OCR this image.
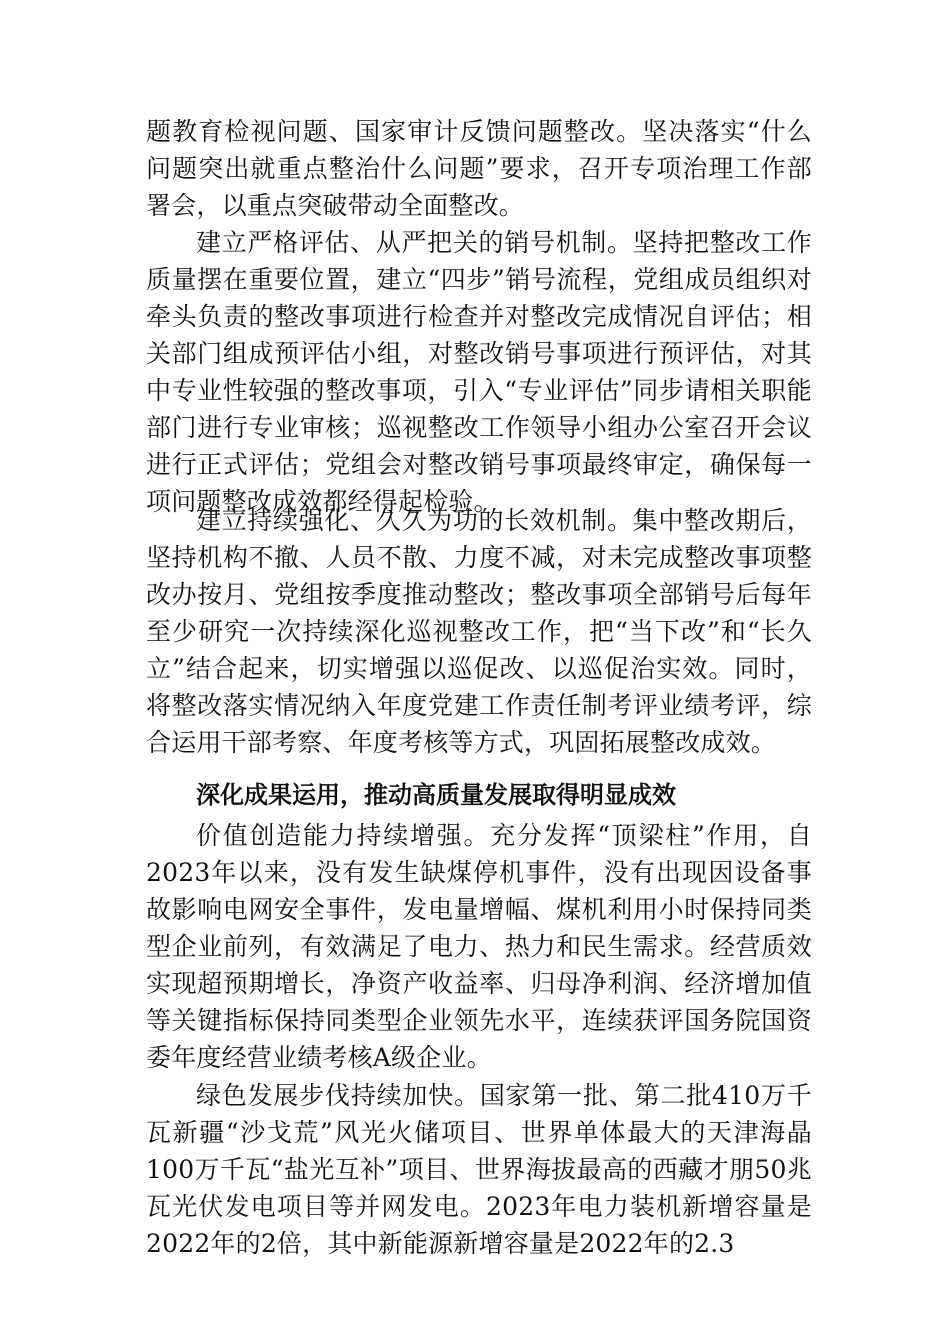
题教育检视问题、国家审计反馈问题整改。坚决落实“什么问题突出就重点整治什么问题”要求，召开专项治理工作部署会，以重点突破带动全面整改。

建立严格评估、从严把关的销号机制。坚持把整改工作质量摆在重要位置，建立“四步”销号流程，党组成员组织对牵头负责的整改事项进行检查并对整改完成情况自评估；相关部门组成预评估小组，对整改销号事项进行预评估，对其中专业性较强的整改事项，引入“专业评估”同步请相关职能部门进行专业审核；巡视整改工作领导小组办公室召开会议进行正式评估；党组会对整改销号事项最终审定，确保每一项问题整改成效都经得起检验。

建立持续强化、久久为功的长效机制。集中整改期后，坚持机构不撤、人员不散、力度不减，对未完成整改事项整改办按月、党组按季度推动整改；整改事项全部销号后每年至少研究一次持续深化巡视整改工作，把“当下改”和“长久立”结合起来，切实增强以巡促改、以巡促治实效。同时，将整改落实情况纳入年度党建工作责任制考评业绩考评，综合运用干部考察、年度考核等方式，巩固拓展整改成效。

深化成果运用，推动高质量发展取得明显成效

价值创造能力持续增强。充分发挥“顶梁柱”作用，自2023年以来，没有发生缺煤停机事件，没有出现因设备事故影响电网安全事件，发电量增幅、煤机利用小时保持同类型企业前列，有效满足了电力、热力和民生需求。经营质效实现超预期增长，净资产收益率、归母净利润、经济增加值等关键指标保持同类型企业领先水平，连续获评国务院国资委年度经营业绩考核A级企业。

绿色发展步伐持续加快。国家第一批、第二批410万千瓦新疆“沙戈荒”风光火储项目、世界单体最大的天津海晶100万千瓦“盐光互补”项目、世界海拔最高的西藏才朋50兆瓦光伏发电项目等并网发电。2023年电力装机新增容量是2022年的2倍，其中新能源新增容量是2022年的2.3
